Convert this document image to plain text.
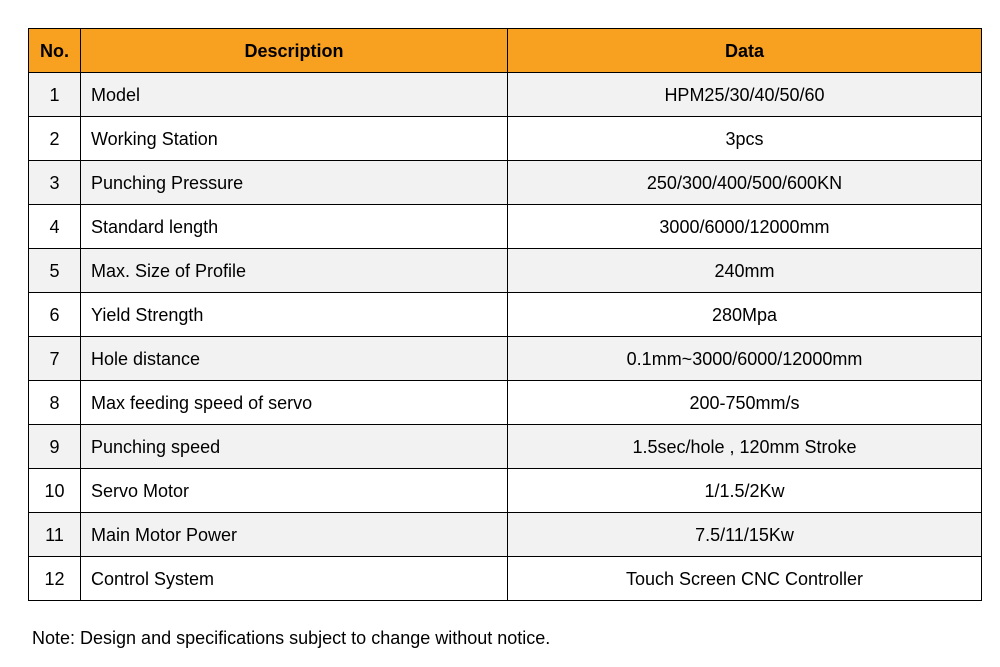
No.	Description	Data
1	Model	HPM25/30/40/50/60
2	Working Station	3pcs
3	Punching Pressure	250/300/400/500/600KN
4	Standard length	3000/6000/12000mm
5	Max. Size of Profile	240mm
6	Yield Strength	280Mpa
7	Hole distance	0.1mm~3000/6000/12000mm
8	Max feeding speed of servo	200-750mm/s
9	Punching speed	1.5sec/hole , 120mm Stroke
10	Servo Motor	1/1.5/2Kw
11	Main Motor Power	7.5/11/15Kw
12	Control System	Touch Screen CNC Controller
Note: Design and specifications subject to change without notice.
